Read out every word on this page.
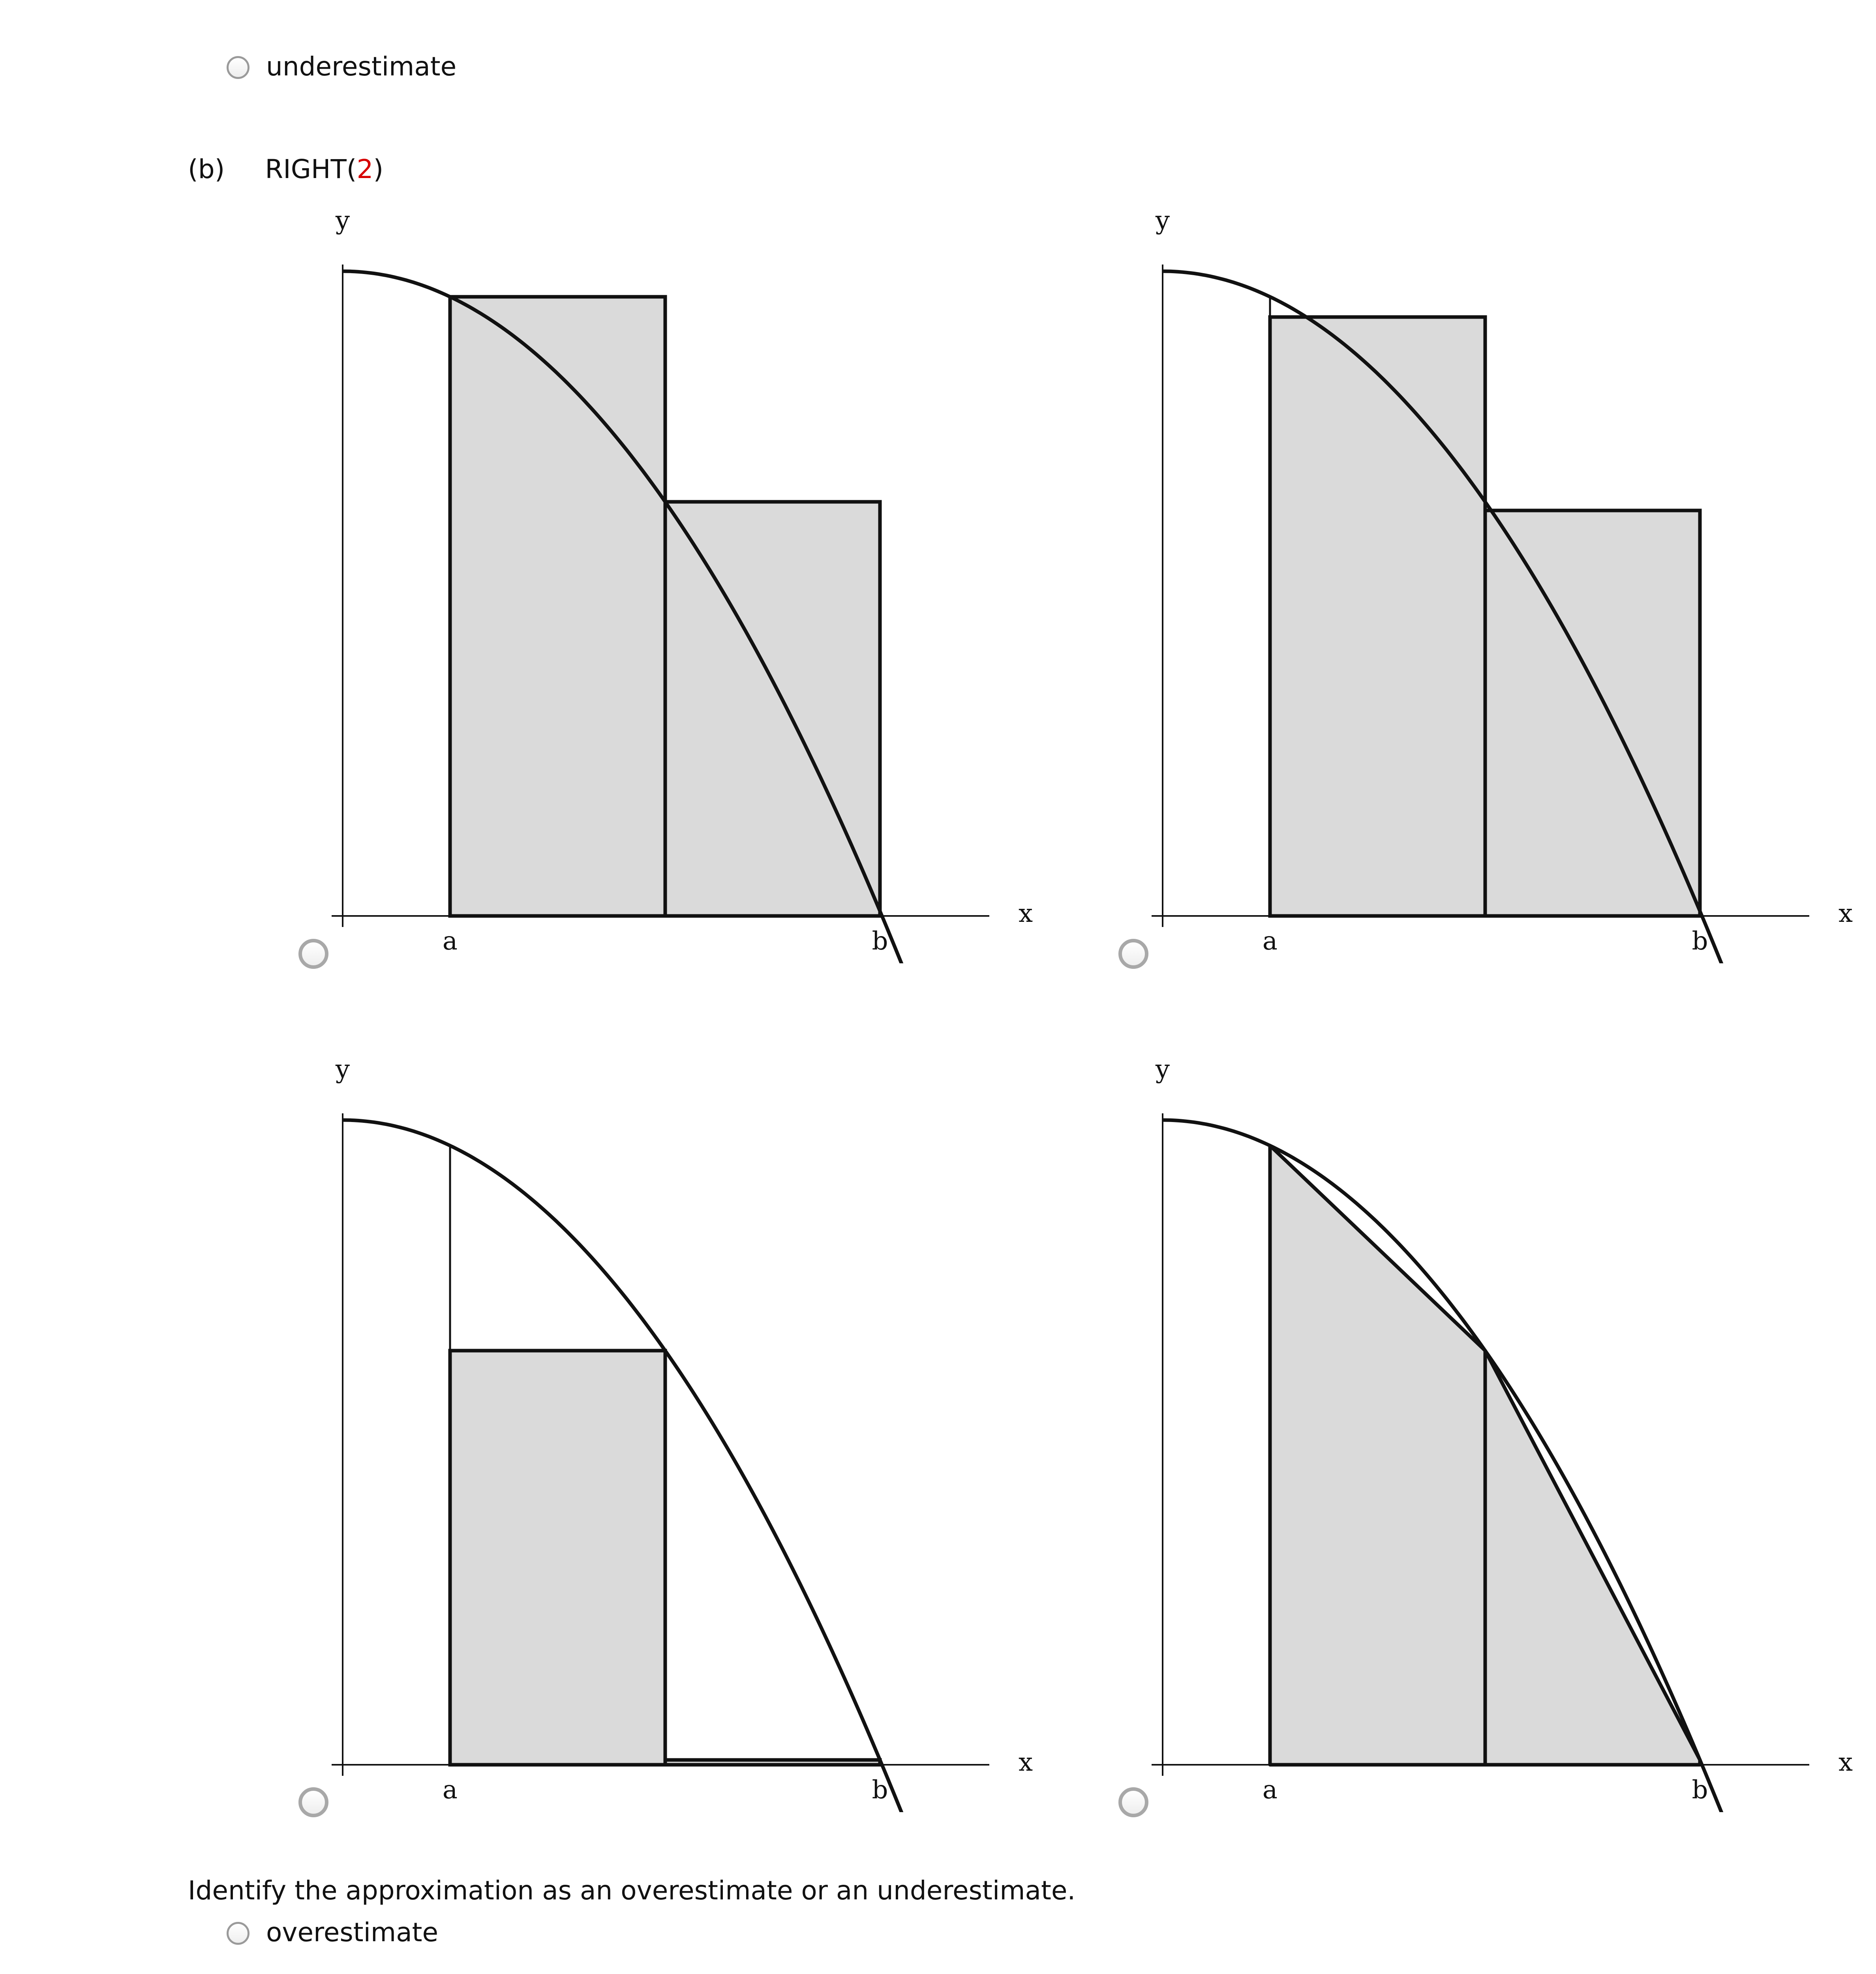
underestimate
(b) RIGHT(2)
y
x
a	b
y
x
a	b
y
x
a	b
y
x
a	b
Identify the approximation as an overestimate or an underestimate.
overestimate
